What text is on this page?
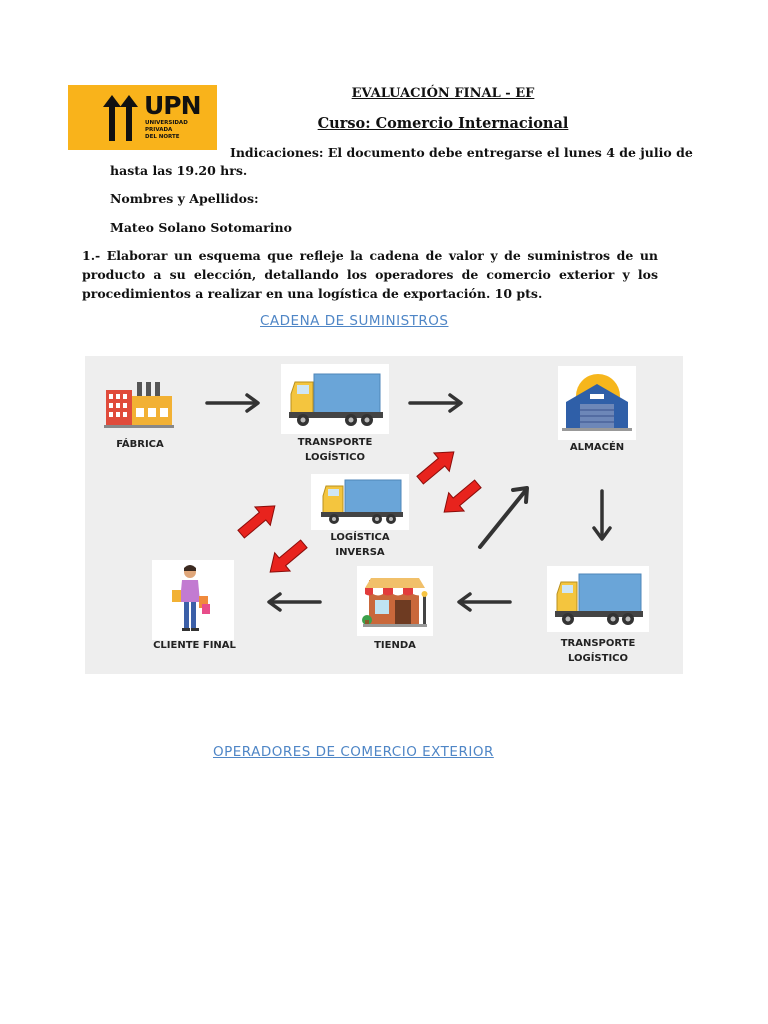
UPN
UNIVERSIDAD
PRIVADA
DEL NORTE
EVALUACIÓN FINAL - EF
Curso: Comercio Internacional
Indicaciones: El documento debe entregarse el lunes 4 de julio de
hasta las 19.20 hrs.
Nombres y Apellidos:
Mateo Solano Sotomarino
1.- Elaborar un esquema que refleje la cadena de valor y de suministros de un producto a su elección, detallando los operadores de comercio exterior y los procedimientos a realizar en una logística de exportación. 10 pts.
CADENA DE SUMINISTROS
FÁBRICA	TRANSPORTE
LOGÍSTICO
ALMACÉN
LOGÍSTICA
INVERSA
CLIENTE FINAL	TIENDA	TRANSPORTE
LOGÍSTICO
OPERADORES DE COMERCIO EXTERIOR
